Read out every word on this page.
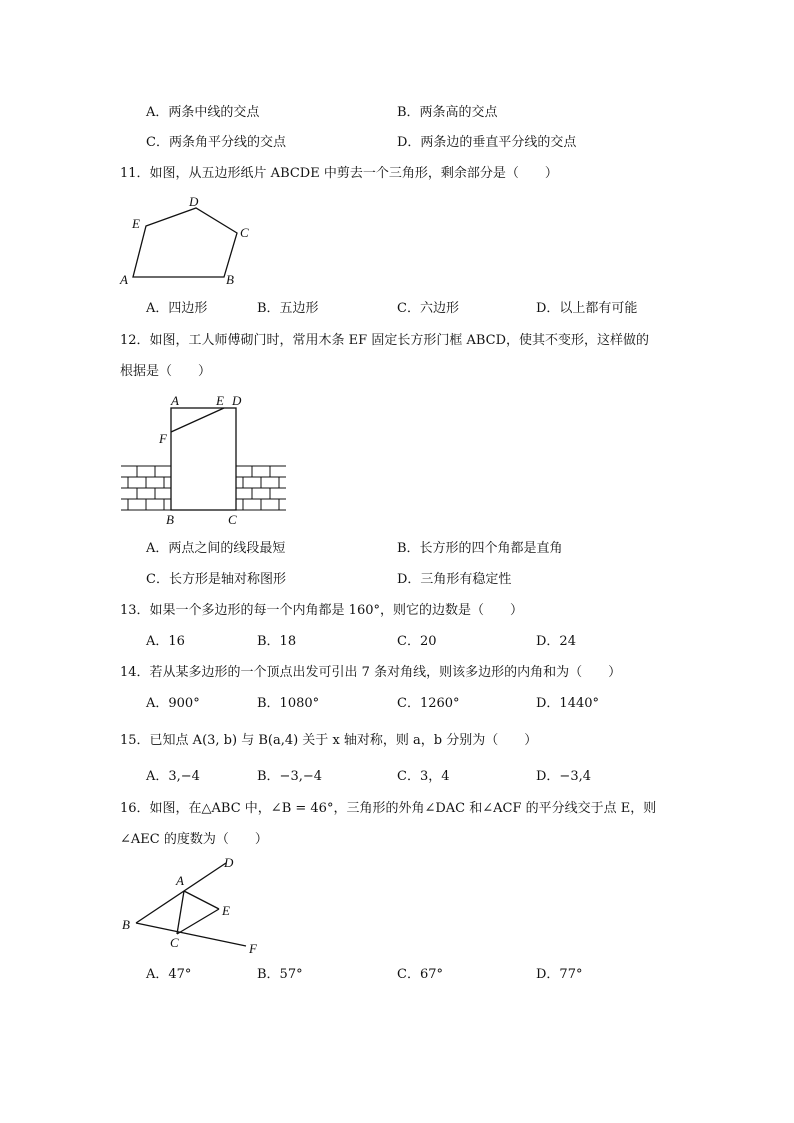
A．两条中线的交点	B．两条高的交点
C．两条角平分线的交点	D．两条边的垂直平分线的交点
11．如图，从五边形纸片 ABCDE 中剪去一个三角形，剩余部分是（　　）
A	B
C
D
E
A．四边形	B．五边形	C．六边形	D．以上都有可能
12．如图，工人师傅砌门时，常用木条 EF 固定长方形门框 ABCD，使其不变形，这样做的
根据是（　　）
A	E D
F
B	C
A．两点之间的线段最短	B．长方形的四个角都是直角
C．长方形是轴对称图形	D．三角形有稳定性
13．如果一个多边形的每一个内角都是 160°，则它的边数是（　　）
A．16	B．18	C．20	D．24
14．若从某多边形的一个顶点出发可引出 7 条对角线，则该多边形的内角和为（　　）
A．900°	B．1080°	C．1260°	D．1440°
15．已知点 A(3, b) 与 B(a,4) 关于 x 轴对称，则 a，b 分别为（　　）
A．3,−4	B．−3,−4	C．3，4	D．−3,4
16．如图，在△ABC 中，∠B = 46°，三角形的外角∠DAC 和∠ACF 的平分线交于点 E，则
∠AEC 的度数为（　　）
A
D
E
B
C	F
A．47°	B．57°	C．67°	D．77°
